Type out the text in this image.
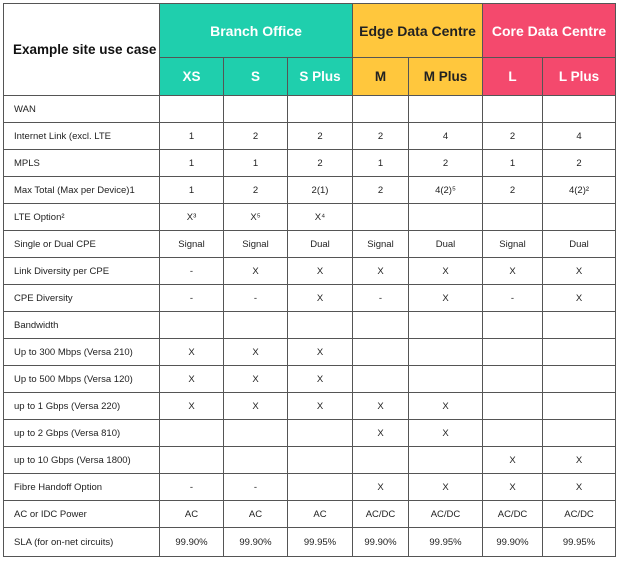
Example site use case	Branch Office			Edge Data Centre		Core Data Centre	
	XS	S	S Plus	M	M Plus	L	L Plus
WAN							
Internet Link (excl. LTE	1	2	2	2	4	2	4
MPLS	1	1	2	1	2	1	2
Max Total (Max per Device)1	1	2	2(1)	2	4(2)⁵	2	4(2)²
LTE Option²	X³	X⁵	X⁴				
Single or Dual CPE	Signal	Signal	Dual	Signal	Dual	Signal	Dual
Link Diversity per CPE	-	X	X	X	X	X	X
CPE Diversity	-	-	X	-	X	-	X
Bandwidth							
Up to 300 Mbps (Versa 210)	X	X	X				
Up to 500 Mbps (Versa 120)	X	X	X				
up to 1 Gbps (Versa 220)	X	X	X	X	X		
up to 2 Gbps (Versa 810)				X	X		
up to 10 Gbps (Versa 1800)						X	X
Fibre Handoff Option	-	-		X	X	X	X
AC or IDC Power	AC	AC	AC	AC/DC	AC/DC	AC/DC	AC/DC
SLA (for on-net circuits)	99.90%	99.90%	99.95%	99.90%	99.95%	99.90%	99.95%
